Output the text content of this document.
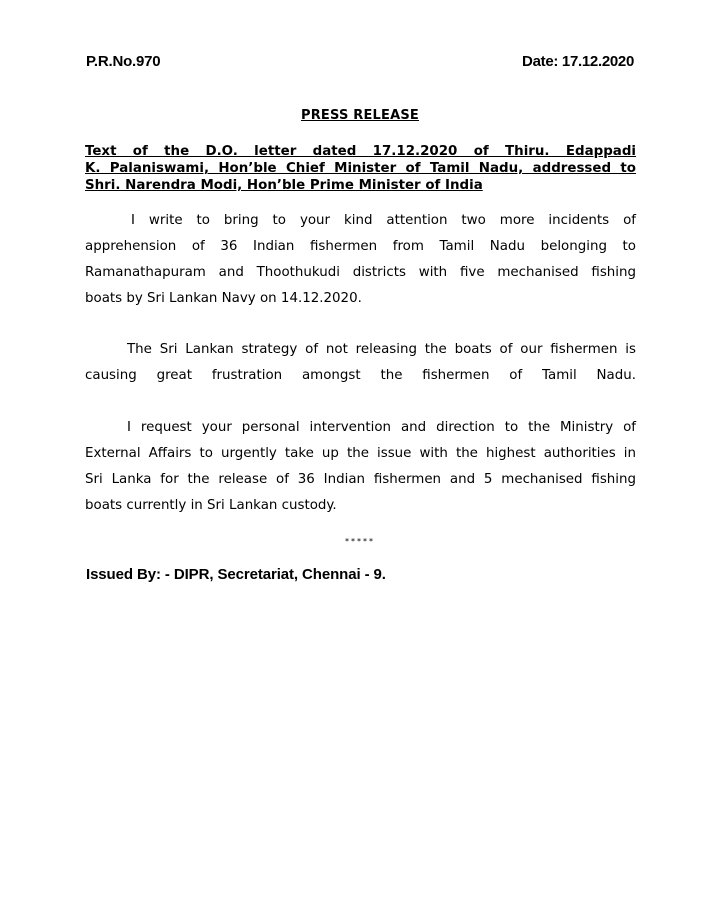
P.R.No.970	Date: 17.12.2020
PRESS RELEASE
Text of the D.O. letter dated 17.12.2020 of Thiru. Edappadi
K. Palaniswami, Hon’ble Chief Minister of Tamil Nadu, addressed to
Shri. Narendra Modi, Hon’ble Prime Minister of India
I write to bring to your kind attention two more incidents of
apprehension of 36 Indian fishermen from Tamil Nadu belonging to
Ramanathapuram and Thoothukudi districts with five mechanised fishing
boats by Sri Lankan Navy on 14.12.2020.
The Sri Lankan strategy of not releasing the boats of our fishermen is
causing great frustration amongst the fishermen of Tamil Nadu.
I request your personal intervention and direction to the Ministry of
External Affairs to urgently take up the issue with the highest authorities in
Sri Lanka for the release of 36 Indian fishermen and 5 mechanised fishing
boats currently in Sri Lankan custody.
*****
Issued By: - DIPR, Secretariat, Chennai - 9.
